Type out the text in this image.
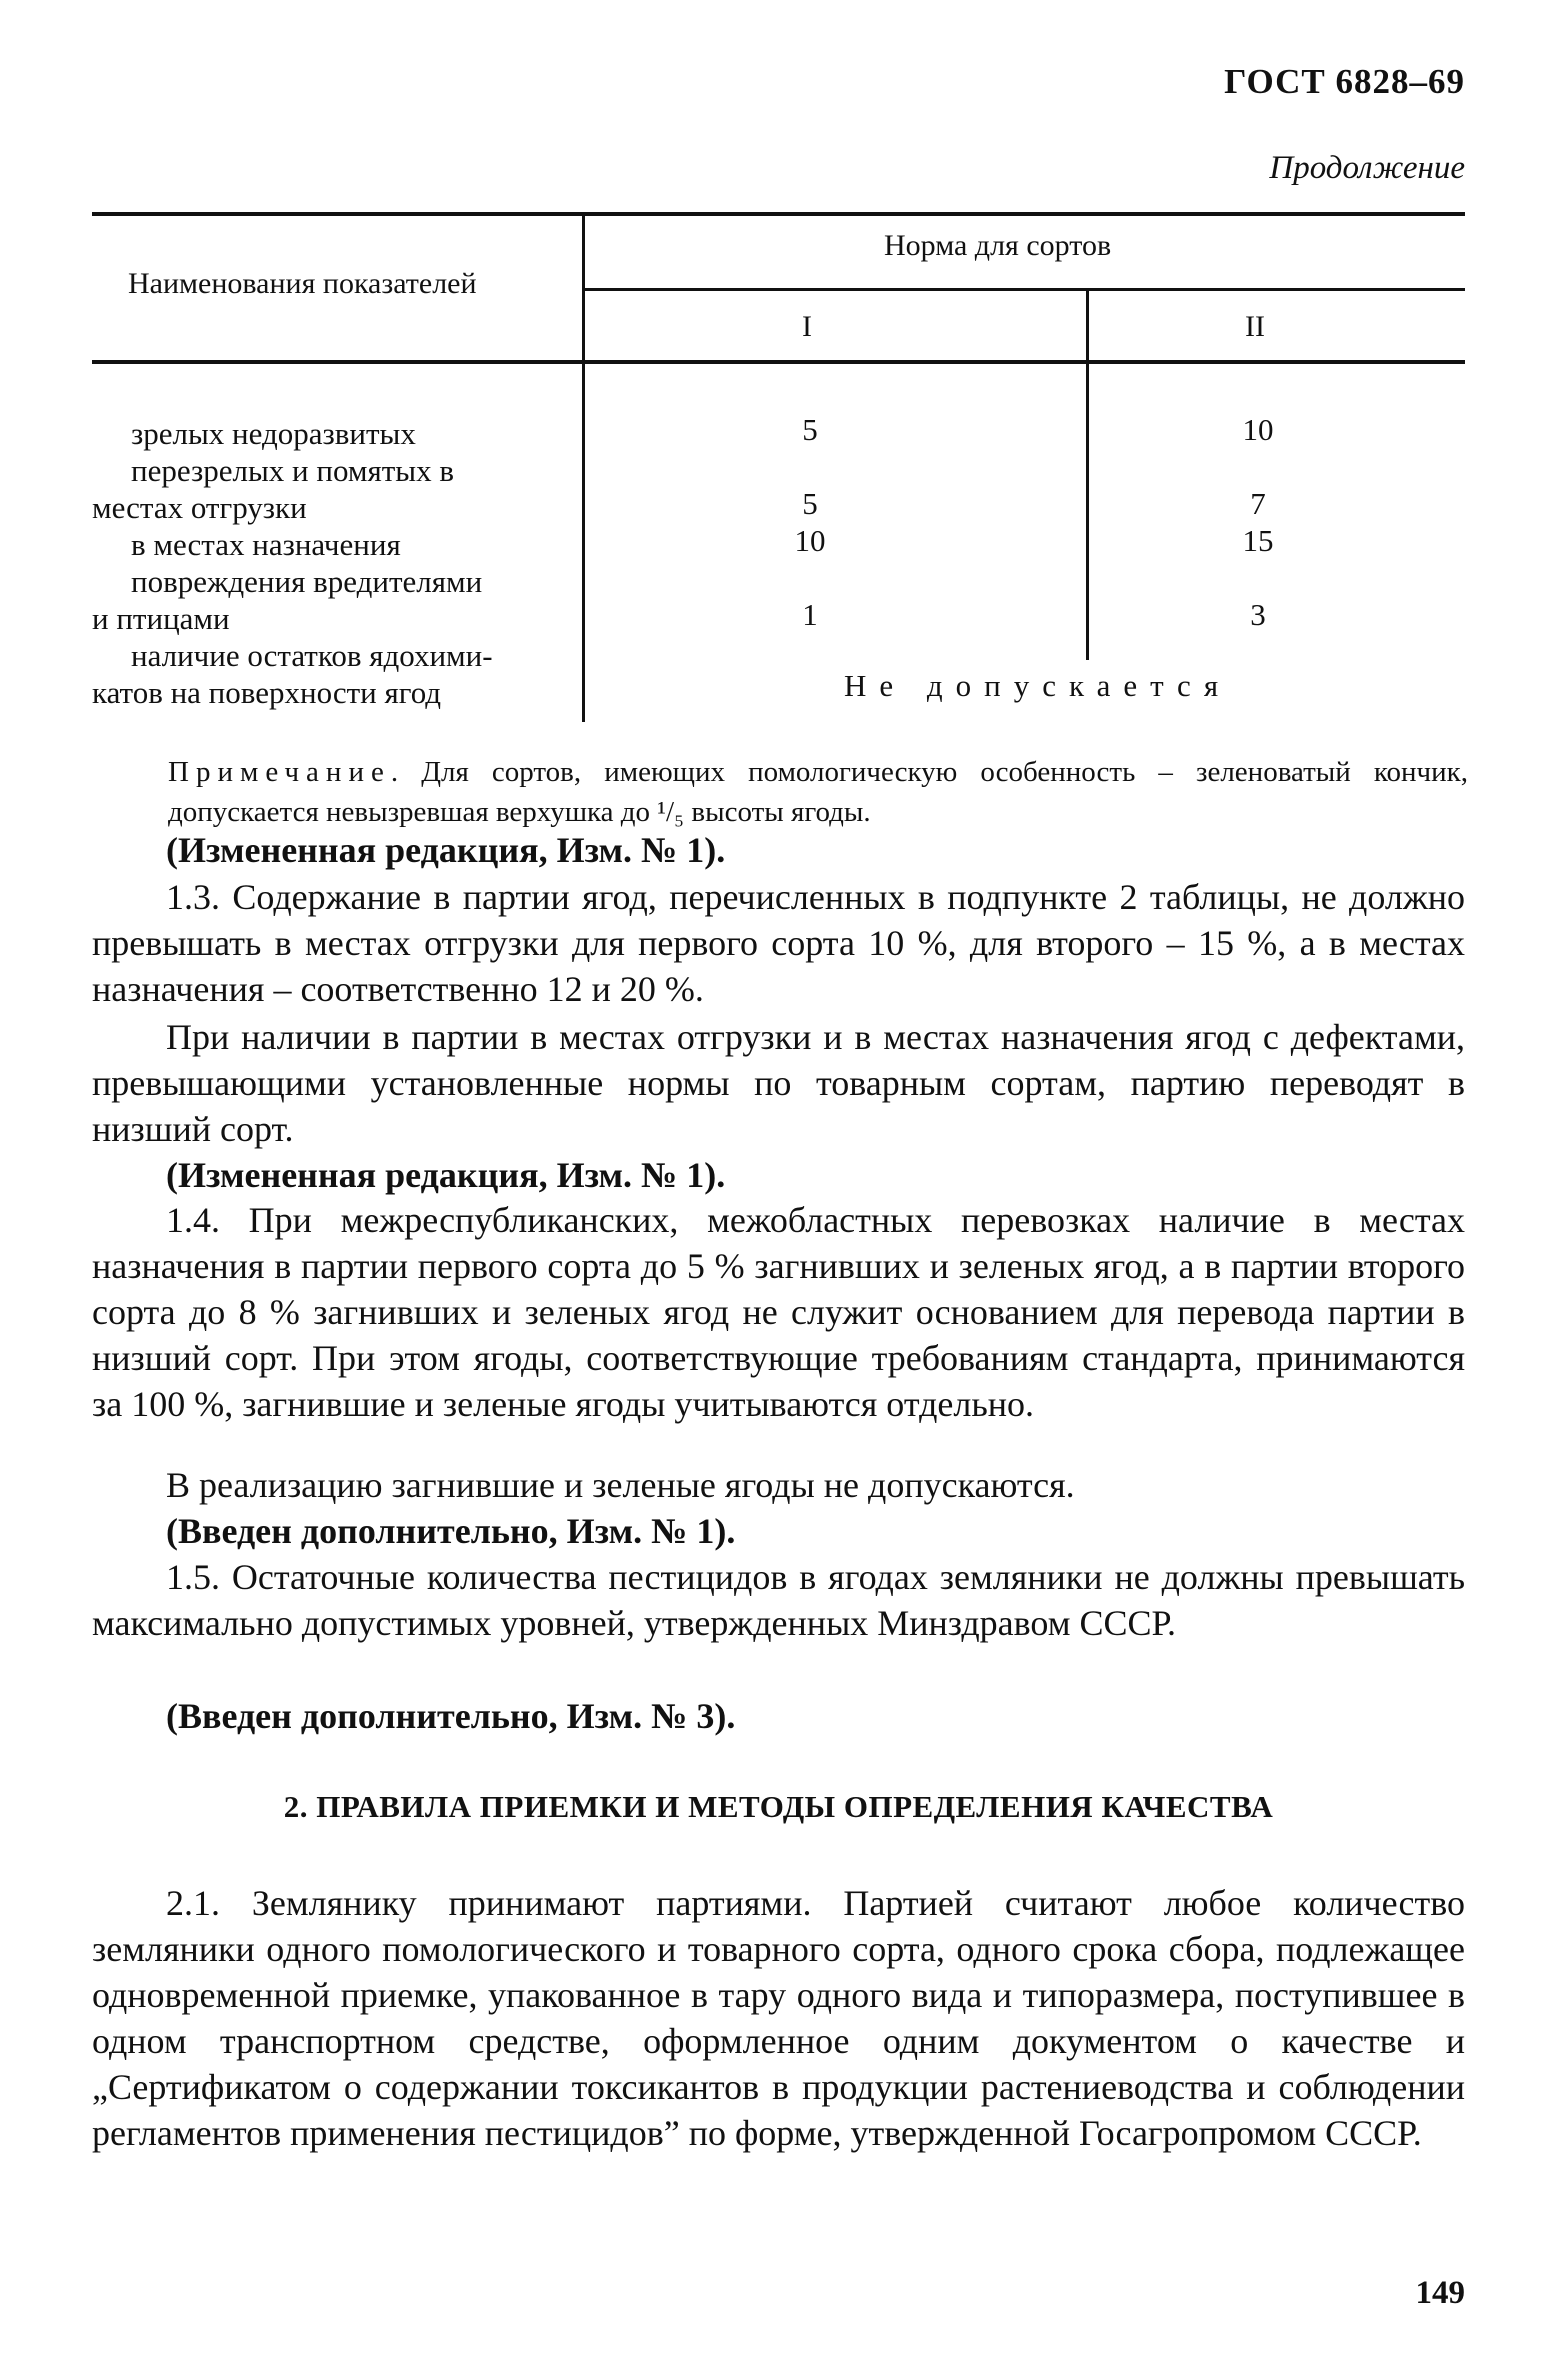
ГОСТ 6828–69
Продолжение
Наименования показателей
Норма для сортов
I	II
зрелых недоразвитых
перезрелых и помятых в
местах отгрузки
в местах назначения
повреждения вредителями
и птицами
наличие остатков ядохими-
катов на поверхности ягод
5
5
10
1
10
7
15
3
Не допускается
Примечание. Для сортов, имеющих помологическую особенность – зеленоватый кончик, допускается невызревшая верхушка до ¹/₅ высоты ягоды.
(Измененная редакция, Изм. № 1).
1.3. Содержание в партии ягод, перечисленных в подпункте 2 таблицы, не должно превышать в местах отгрузки для первого сорта 10 %, для второго – 15 %, а в местах назначения – соответственно 12 и 20 %.
При наличии в партии в местах отгрузки и в местах назначения ягод с дефектами, превышающими установленные нормы по товарным сортам, партию переводят в низший сорт.
(Измененная редакция, Изм. № 1).
1.4. При межреспубликанских, межобластных перевозках наличие в местах назначения в партии первого сорта до 5 % загнивших и зеленых ягод, а в партии второго сорта до 8 % загнивших и зеленых ягод не служит основанием для перевода партии в низший сорт. При этом ягоды, соответствующие требованиям стандарта, принимаются за 100 %, загнившие и зеленые ягоды учитываются отдельно.
В реализацию загнившие и зеленые ягоды не допускаются.
(Введен дополнительно, Изм. № 1).
1.5. Остаточные количества пестицидов в ягодах земляники не должны превышать максимально допустимых уровней, утвержденных Минздравом СССР.
(Введен дополнительно, Изм. № 3).
2. ПРАВИЛА ПРИЕМКИ И МЕТОДЫ ОПРЕДЕЛЕНИЯ КАЧЕСТВА
2.1. Землянику принимают партиями. Партией считают любое количество земляники одного помологического и товарного сорта, одного срока сбора, подлежащее одновременной приемке, упакованное в тару одного вида и типоразмера, поступившее в одном транспортном средстве, оформленное одним документом о качестве и „Сертификатом о содержании токсикантов в продукции растениеводства и соблюдении регламентов применения пестицидов” по форме, утвержденной Госагропромом СССР.
149
